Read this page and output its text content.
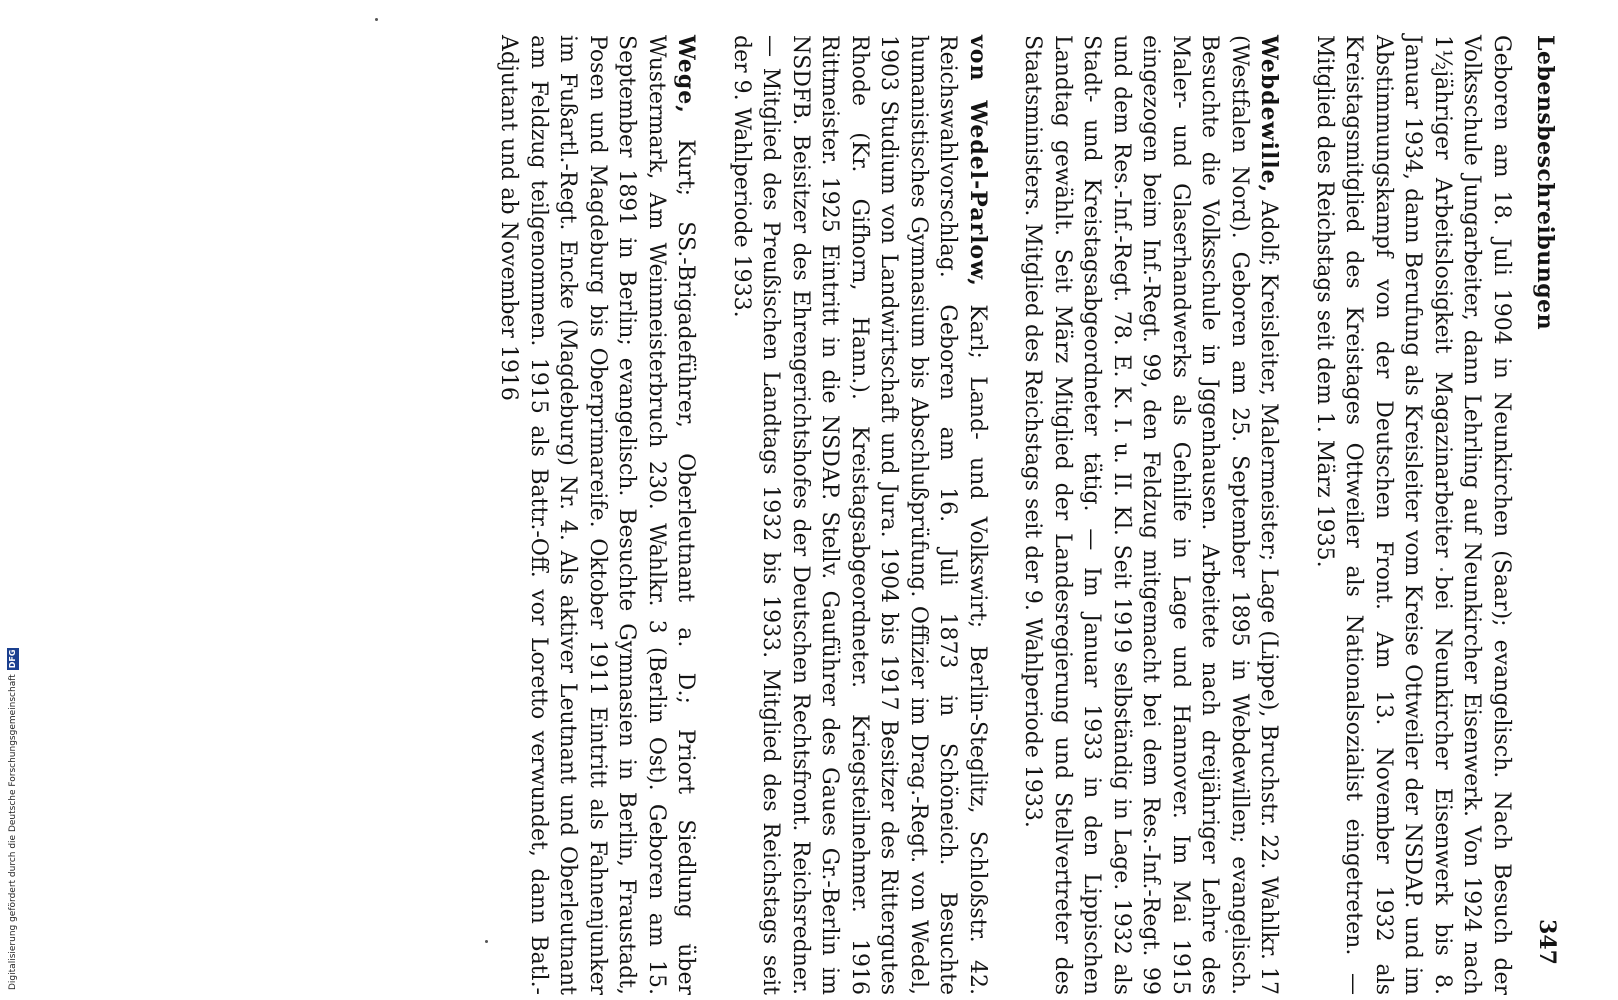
Lebensbeschreibungen
347

Geboren am 18. Juli 1904 in Neunkirchen (Saar); evangelisch. Nach Besuch der Volksschule Jungarbeiter, dann Lehrling auf Neunkircher Eisenwerk. Von 1924 nach 1½jähriger Arbeitslosigkeit Magazinarbeiter bei Neunkircher Eisenwerk bis 8. Januar 1934, dann Berufung als Kreisleiter vom Kreise Ottweiler der NSDAP. und im Abstimmungskampf von der Deutschen Front. Am 13. November 1932 als Kreistagsmitglied des Kreistages Ottweiler als Nationalsozialist eingetreten. — Mitglied des Reichstags seit dem 1. März 1935.

Webdewille, Adolf; Kreisleiter, Malermeister; Lage (Lippe), Bruchstr. 22. Wahlkr. 17 (Westfalen Nord). Geboren am 25. September 1895 in Webdewillen; evangelisch. Besuchte die Volksschule in Jggenhausen. Arbeitete nach dreijähriger Lehre des Maler- und Glaserhandwerks als Gehilfe in Lage und Hannover. Im Mai 1915 eingezogen beim Inf.-Regt. 99, den Feldzug mitgemacht bei dem Res.-Inf.-Regt. 99 und dem Res.-Inf.-Regt. 78. E. K. I. u. II. Kl. Seit 1919 selbständig in Lage. 1932 als Stadt- und Kreistagsabgeordneter tätig. — Im Januar 1933 in den Lippischen Landtag gewählt. Seit März Mitglied der Landesregierung und Stellvertreter des Staatsministers. Mitglied des Reichstags seit der 9. Wahlperiode 1933.

von Wedel-Parlow, Karl; Land- und Volkswirt; Berlin-Steglitz, Schloßstr. 42. Reichswahlvorschlag. Geboren am 16. Juli 1873 in Schöneich. Besuchte humanistisches Gymnasium bis Abschlußprüfung. Offizier im Drag.-Regt. von Wedel, 1903 Studium von Landwirtschaft und Jura. 1904 bis 1917 Besitzer des Rittergutes Rhode (Kr. Gifhorn, Hann.). Kreistagsabgeordneter. Kriegsteilnehmer. 1916 Rittmeister. 1925 Eintritt in die NSDAP. Stellv. Gauführer des Gaues Gr.-Berlin im NSDFB. Beisitzer des Ehrengerichtshofes der Deutschen Rechtsfront. Reichsredner. — Mitglied des Preußischen Landtags 1932 bis 1933. Mitglied des Reichstags seit der 9. Wahlperiode 1933.

Wege, Kurt; SS.-Brigadeführer, Oberleutnant a. D.; Priort Siedlung über Wustermark, Am Weinmeisterbruch 230. Wahlkr. 3 (Berlin Ost). Geboren am 15. September 1891 in Berlin; evangelisch. Besuchte Gymnasien in Berlin, Fraustadt, Posen und Magdeburg bis Oberprimareife. Oktober 1911 Eintritt als Fahnenjunker im Fußartl.-Regt. Encke (Magdeburg) Nr. 4. Als aktiver Leutnant und Oberleutnant am Feldzug teilgenommen. 1915 als Battr.-Off. vor Loretto verwundet, dann Batl.-Adjutant und ab November 1916

Digitalisierung gefördert durch die Deutsche Forschungsgemeinschaft
DFG
